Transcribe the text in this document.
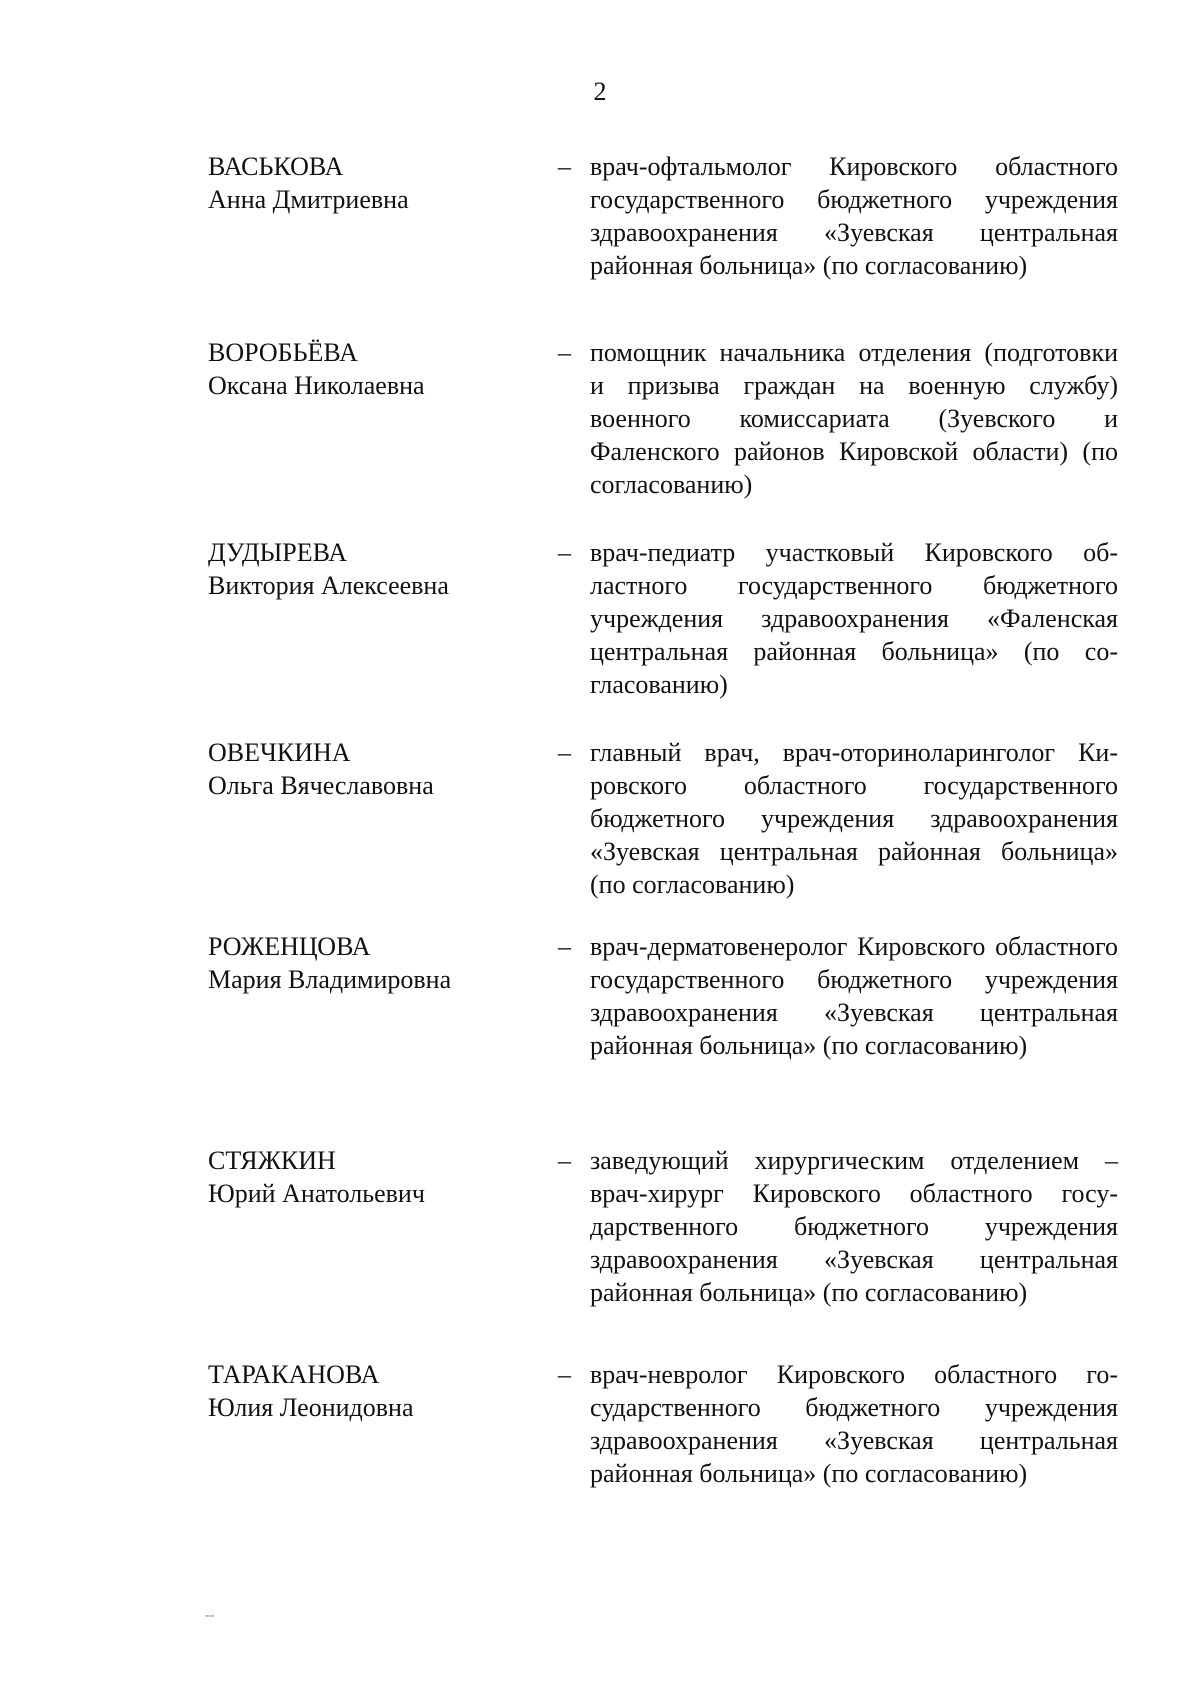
2
ВАСЬКОВА
Анна Дмитриевна
– врач-офтальмолог Кировского областного государственного бюджетного учреждения здравоохранения «Зуевская центральная районная больница» (по согласованию)
ВОРОБЬЁВА
Оксана Николаевна
– помощник начальника отделения (подготовки и призыва граждан на военную службу) военного комиссариата (Зуевского и Фаленского районов Кировской области) (по согласованию)
ДУДЫРЕВА
Виктория Алексеевна
– врач-педиатр участковый Кировского областного государственного бюджетного учреждения здравоохранения «Фаленская центральная районная больница» (по согласованию)
ОВЕЧКИНА
Ольга Вячеславовна
– главный врач, врач-оториноларинголог Кировского областного государственного бюджетного учреждения здравоохранения «Зуевская центральная районная больница» (по согласованию)
РОЖЕНЦОВА
Мария Владимировна
– врач-дерматовенеролог Кировского областного государственного бюджетного учреждения здравоохранения «Зуевская центральная районная больница» (по согласованию)
СТЯЖКИН
Юрий Анатольевич
– заведующий хирургическим отделением – врач-хирург Кировского областного государственного бюджетного учреждения здравоохранения «Зуевская центральная районная больница» (по согласованию)
ТАРАКАНОВА
Юлия Леонидовна
– врач-невролог Кировского областного государственного бюджетного учреждения здравоохранения «Зуевская центральная районная больница» (по согласованию)
--
